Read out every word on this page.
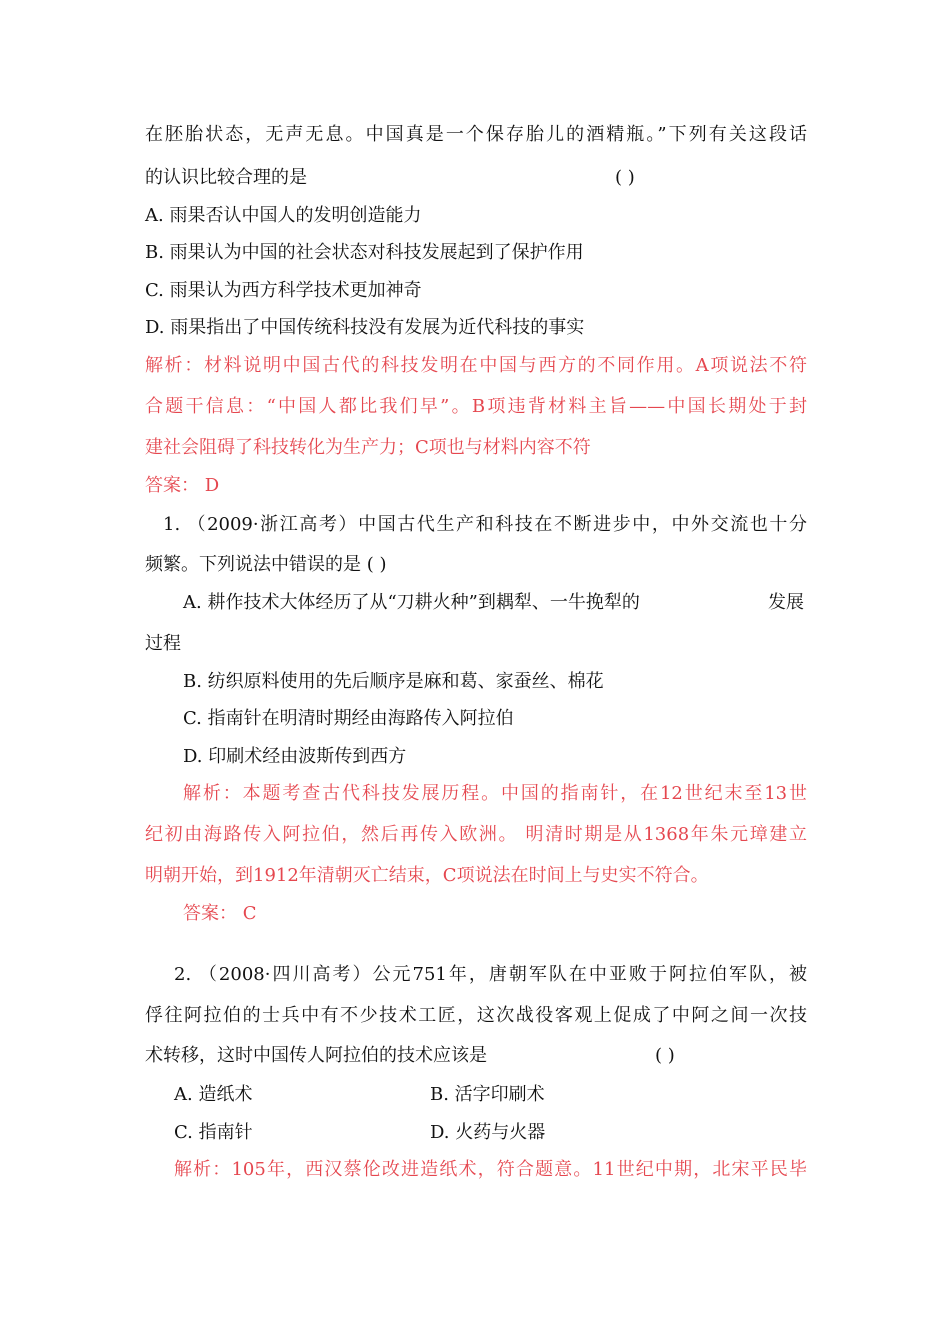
在胚胎状态，无声无息。中国真是一个保存胎儿的酒精瓶。”下列有关这段话
的认识比较合理的是	( )
A. 雨果否认中国人的发明创造能力
B. 雨果认为中国的社会状态对科技发展起到了保护作用
C. 雨果认为西方科学技术更加神奇
D. 雨果指出了中国传统科技没有发展为近代科技的事实
解析：材料说明中国古代的科技发明在中国与西方的不同作用。A项说法不符
合题干信息：“中国人都比我们早”。B项违背材料主旨——中国长期处于封
建社会阻碍了科技转化为生产力；C项也与材料内容不符
答案： D
1. （2009·浙江高考）中国古代生产和科技在不断进步中，中外交流也十分
频繁。下列说法中错误的是 ( )
A. 耕作技术大体经历了从“刀耕火种”到耦犁、一牛挽犁的	发展
过程
B. 纺织原料使用的先后顺序是麻和葛、家蚕丝、棉花
C. 指南针在明清时期经由海路传入阿拉伯
D. 印刷术经由波斯传到西方
解析：本题考查古代科技发展历程。中国的指南针，在12世纪末至13世
纪初由海路传入阿拉伯，然后再传入欧洲。 明清时期是从1368年朱元璋建立
明朝开始，到1912年清朝灭亡结束，C项说法在时间上与史实不符合。
答案： C
2. （2008·四川高考）公元751年，唐朝军队在中亚败于阿拉伯军队，被
俘往阿拉伯的士兵中有不少技术工匠，这次战役客观上促成了中阿之间一次技
术转移，这时中国传人阿拉伯的技术应该是	( )
A. 造纸术	B. 活字印刷术
C. 指南针	D. 火药与火器
解析：105年，西汉蔡伦改进造纸术，符合题意。11世纪中期，北宋平民毕
